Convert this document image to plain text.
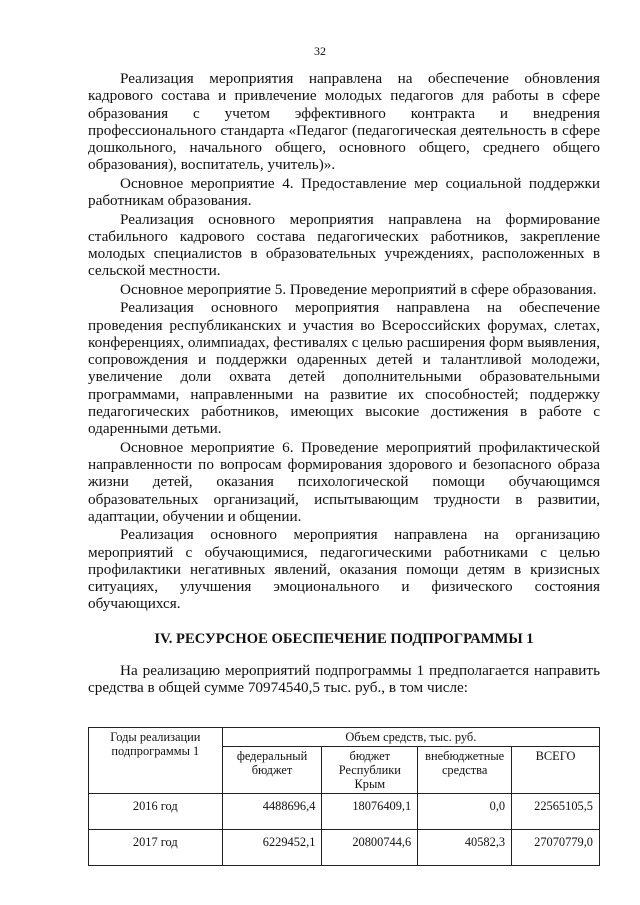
32

Реализация мероприятия направлена на обеспечение обновления кадрового состава и привлечение молодых педагогов для работы в сфере образования с учетом эффективного контракта и внедрения профессионального стандарта «Педагог (педагогическая деятельность в сфере дошкольного, начального общего, основного общего, среднего общего образования), воспитатель, учитель)».

Основное мероприятие 4. Предоставление мер социальной поддержки работникам образования.

Реализация основного мероприятия направлена на формирование стабильного кадрового состава педагогических работников, закрепление молодых специалистов в образовательных учреждениях, расположенных в сельской местности.

Основное мероприятие 5. Проведение мероприятий в сфере образования.

Реализация основного мероприятия направлена на обеспечение проведения республиканских и участия во Всероссийских форумах, слетах, конференциях, олимпиадах, фестивалях с целью расширения форм выявления, сопровождения и поддержки одаренных детей и талантливой молодежи, увеличение доли охвата детей дополнительными образовательными программами, направленными на развитие их способностей; поддержку педагогических работников, имеющих высокие достижения в работе с одаренными детьми.

Основное мероприятие 6. Проведение мероприятий профилактической направленности по вопросам формирования здорового и безопасного образа жизни детей, оказания психологической помощи обучающимся образовательных организаций, испытывающим трудности в развитии, адаптации, обучении и общении.

Реализация основного мероприятия направлена на организацию мероприятий с обучающимися, педагогическими работниками с целью профилактики негативных явлений, оказания помощи детям в кризисных ситуациях, улучшения эмоционального и физического состояния обучающихся.

IV. РЕСУРСНОЕ ОБЕСПЕЧЕНИЕ ПОДПРОГРАММЫ 1

На реализацию мероприятий подпрограммы 1 предполагается направить средства в общей сумме 70974540,5 тыс. руб., в том числе:

Годы реализации подпрограммы 1	Объем средств, тыс. руб.			
	федеральный бюджет	бюджет Республики Крым	внебюджетные средства	ВСЕГО
2016 год	4488696,4	18076409,1	0,0	22565105,5
2017 год	6229452,1	20800744,6	40582,3	27070779,0
